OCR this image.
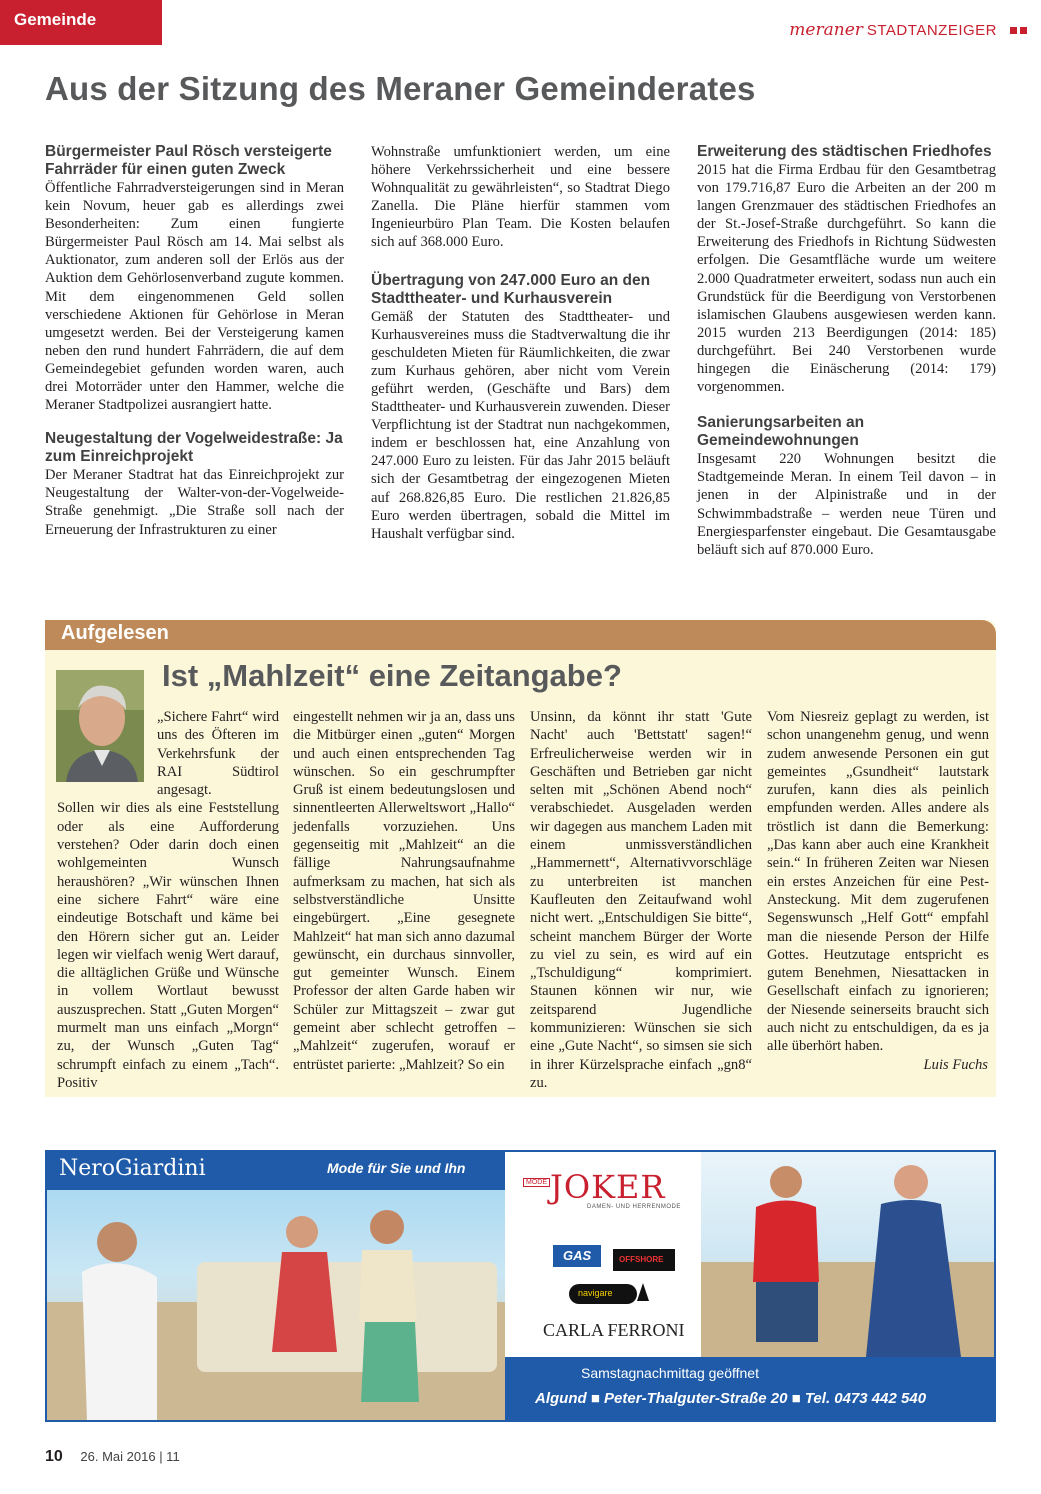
Gemeinde
meraner STADTANZEIGER
Aus der Sitzung des Meraner Gemeinderates
Bürgermeister Paul Rösch versteigerte Fahrräder für einen guten Zweck

Öffentliche Fahrradversteigerungen sind in Meran kein Novum, heuer gab es allerdings zwei Besonderheiten: Zum einen fungierte Bürgermeister Paul Rösch am 14. Mai selbst als Auktionator, zum anderen soll der Erlös aus der Auktion dem Gehörlosenverband zugute kommen. Mit dem eingenommenen Geld sollen verschiedene Aktionen für Gehörlose in Meran umgesetzt werden. Bei der Versteigerung kamen neben den rund hundert Fahrrädern, die auf dem Gemeindegebiet gefunden worden waren, auch drei Motorräder unter den Hammer, welche die Meraner Stadtpolizei ausrangiert hatte.

Neugestaltung der Vogelweidestraße: Ja zum Einreichprojekt

Der Meraner Stadtrat hat das Einreichprojekt zur Neugestaltung der Walter-von-der-Vogelweide-Straße genehmigt. „Die Straße soll nach der Erneuerung der Infrastrukturen zu einer

Wohnstraße umfunktioniert werden, um eine höhere Verkehrssicherheit und eine bessere Wohnqualität zu gewährleisten“, so Stadtrat Diego Zanella. Die Pläne hierfür stammen vom Ingenieurbüro Plan Team. Die Kosten belaufen sich auf 368.000 Euro.

Übertragung von 247.000 Euro an den Stadttheater- und Kurhausverein

Gemäß der Statuten des Stadttheater- und Kurhausvereines muss die Stadtverwaltung die ihr geschuldeten Mieten für Räumlichkeiten, die zwar zum Kurhaus gehören, aber nicht vom Verein geführt werden, (Geschäfte und Bars) dem Stadttheater- und Kurhausverein zuwenden. Dieser Verpflichtung ist der Stadtrat nun nachgekommen, indem er beschlossen hat, eine Anzahlung von 247.000 Euro zu leisten. Für das Jahr 2015 beläuft sich der Gesamtbetrag der eingezogenen Mieten auf 268.826,85 Euro. Die restlichen 21.826,85 Euro werden übertragen, sobald die Mittel im Haushalt verfügbar sind.

Erweiterung des städtischen Friedhofes

2015 hat die Firma Erdbau für den Gesamtbetrag von 179.716,87 Euro die Arbeiten an der 200 m langen Grenzmauer des städtischen Friedhofes an der St.-Josef-Straße durchgeführt. So kann die Erweiterung des Friedhofs in Richtung Südwesten erfolgen. Die Gesamtfläche wurde um weitere 2.000 Quadratmeter erweitert, sodass nun auch ein Grundstück für die Beerdigung von Verstorbenen islamischen Glaubens ausgewiesen werden kann. 2015 wurden 213 Beerdigungen (2014: 185) durchgeführt. Bei 240 Verstorbenen wurde hingegen die Einäscherung (2014: 179) vorgenommen.

Sanierungsarbeiten an Gemeindewohnungen

Insgesamt 220 Wohnungen besitzt die Stadtgemeinde Meran. In einem Teil davon – in jenen in der Alpinistraße und in der Schwimmbadstraße – werden neue Türen und Energiesparfenster eingebaut. Die Gesamtausgabe beläuft sich auf 870.000 Euro.

Aufgelesen
Ist „Mahlzeit“ eine Zeitangabe?

„Sichere Fahrt“ wird uns des Öfteren im Verkehrsfunk der RAI Südtirol angesagt.

Sollen wir dies als eine Feststellung oder als eine Aufforderung verstehen? Oder darin doch einen wohlgemeinten Wunsch heraushören? „Wir wünschen Ihnen eine sichere Fahrt“ wäre eine eindeutige Botschaft und käme bei den Hörern sicher gut an. Leider legen wir vielfach wenig Wert darauf, die alltäglichen Grüße und Wünsche in vollem Wortlaut bewusst auszusprechen. Statt „Guten Morgen“ murmelt man uns einfach „Morgn“ zu, der Wunsch „Guten Tag“ schrumpft einfach zu einem „Tach“. Positiv

eingestellt nehmen wir ja an, dass uns die Mitbürger einen „guten“ Morgen und auch einen entsprechenden Tag wünschen. So ein geschrumpfter Gruß ist einem bedeutungslosen und sinnentleerten Allerweltswort „Hallo“ jedenfalls vorzuziehen. Uns gegenseitig mit „Mahlzeit“ an die fällige Nahrungsaufnahme aufmerksam zu machen, hat sich als selbstverständliche Unsitte eingebürgert. „Eine gesegnete Mahlzeit“ hat man sich anno dazumal gewünscht, ein durchaus sinnvoller, gut gemeinter Wunsch. Einem Professor der alten Garde haben wir Schüler zur Mittagszeit – zwar gut gemeint aber schlecht getroffen – „Mahlzeit“ zugerufen, worauf er entrüstet parierte: „Mahlzeit? So ein
Unsinn, da könnt ihr statt 'Gute Nacht' auch 'Bettstatt' sagen!“ Erfreulicherweise werden wir in Geschäften und Betrieben gar nicht selten mit „Schönen Abend noch“ verabschiedet. Ausgeladen werden wir dagegen aus manchem Laden mit einem unmissverständlichen „Hammernett“, Alternativvorschläge zu unterbreiten ist manchen Kaufleuten den Zeitaufwand wohl nicht wert. „Entschuldigen Sie bitte“, scheint manchem Bürger der Worte zu viel zu sein, es wird auf ein „Tschuldigung“ komprimiert. Staunen können wir nur, wie zeitsparend Jugendliche kommunizieren: Wünschen sie sich eine „Gute Nacht“, so simsen sie sich in ihrer Kürzelsprache einfach „gn8“ zu.
Vom Niesreiz geplagt zu werden, ist schon unangenehm genug, und wenn zudem anwesende Personen ein gut gemeintes „Gsundheit“ lautstark zurufen, kann dies als peinlich empfunden werden. Alles andere als tröstlich ist dann die Bemerkung: „Das kann aber auch eine Krankheit sein.“ In früheren Zeiten war Niesen ein erstes Anzeichen für eine Pest-Ansteckung. Mit dem zugerufenen Segenswunsch „Helf Gott“ empfahl man die niesende Person der Hilfe Gottes. Heutzutage entspricht es gutem Benehmen, Niesattacken in Gesellschaft einfach zu ignorieren; der Niesende seinerseits braucht sich auch nicht zu entschuldigen, da es ja alle überhört haben.
Luis Fuchs
NeroGiardini	Mode für Sie und Ihn
MODE JOKER
DAMEN- UND HERRENMODE
GAS	OFFSHORE
navigare
CARLA FERRONI
Samstagnachmittag geöffnet
Algund ■ Peter-Thalguter-Straße 20 ■ Tel. 0473 442 540
10 26. Mai 2016 | 11
